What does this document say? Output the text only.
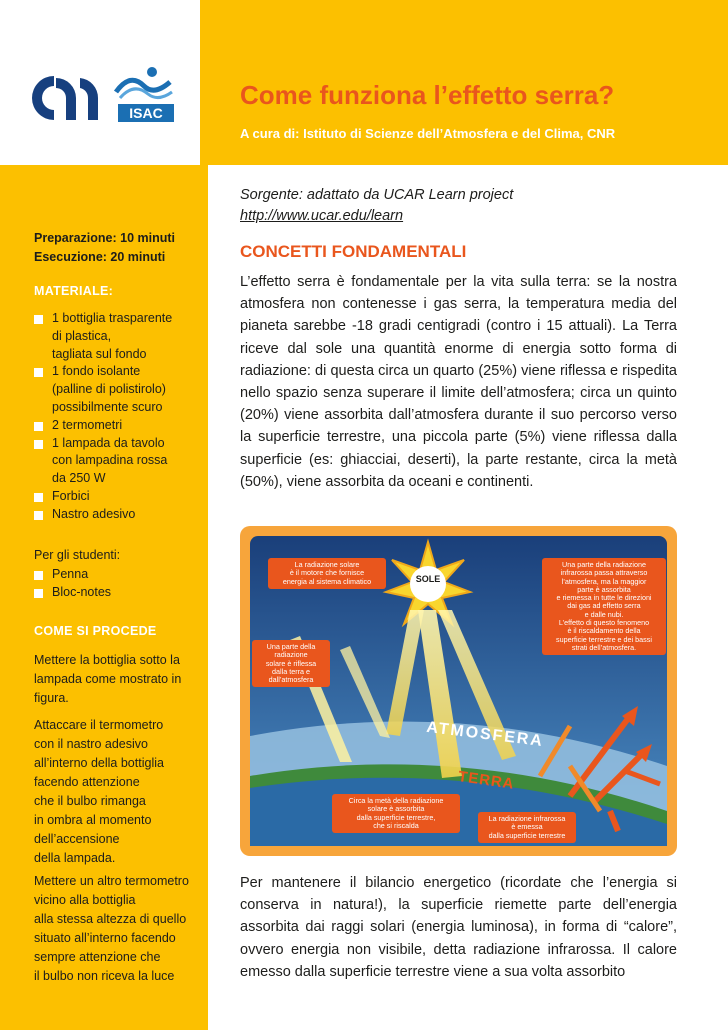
ISAC
Come funziona l’effetto serra?
A cura di: Istituto di Scienze dell’Atmosfera e del Clima, CNR
Sorgente: adattato da UCAR Learn project
http://www.ucar.edu/learn
Preparazione: 10 minuti
Esecuzione: 20 minuti
MATERIALE:
1 bottiglia trasparente
di plastica,
tagliata sul fondo
1 fondo isolante
(palline di polistirolo)
possibilmente scuro
2 termometri
1 lampada da tavolo
con lampadina rossa
da 250 W
Forbici
Nastro adesivo
Per gli studenti:
Penna
Bloc-notes
COME SI PROCEDE
Mettere la bottiglia sotto la
lampada come mostrato in
figura.
Attaccare il termometro
con il nastro adesivo
all’interno della bottiglia
facendo attenzione
che il bulbo rimanga
in ombra al momento
dell’accensione
della lampada.
Mettere un altro termometro
vicino alla bottiglia
alla stessa altezza di quello
situato all’interno facendo
sempre attenzione che
il bulbo non riceva la luce
CONCETTI FONDAMENTALI
L’effetto serra è fondamentale per la vita sulla terra: se la nostra atmosfera non contenesse i gas serra, la temperatura media del pianeta sarebbe -18 gradi centigradi (contro i 15 attuali). La Terra riceve dal sole una quantità enorme di energia sotto forma di radiazione: di questa circa un quarto (25%) viene riflessa e rispedita nello spazio senza superare il limite dell’atmosfera; circa un quinto (20%) viene assorbita dall’atmosfera durante il suo percorso verso la superficie terrestre, una piccola parte (5%) viene riflessa dalla superficie (es: ghiacciai, deserti), la parte restante, circa la metà (50%), viene assorbita da oceani e continenti.
SOLE
ATMOSFERA
TERRA
La radiazione solare
è il motore che fornisce
energia al sistema climatico
Una parte della
radiazione
solare è riflessa
dalla terra e
dall’atmosfera
Una parte della radiazione
infrarossa passa attraverso
l’atmosfera, ma la maggior
parte è assorbita
e riemessa in tutte le direzioni
dai gas ad effetto serra
e dalle nubi.
L’effetto di questo fenomeno
è il riscaldamento della
superficie terrestre e dei bassi
strati dell’atmosfera.
Circa la metà della radiazione
solare è assorbita
dalla superficie terrestre,
che si riscalda
La radiazione infrarossa
è emessa
dalla superficie terrestre
Per mantenere il bilancio energetico (ricordate che l’energia si conserva in natura!), la superficie riemette parte dell’energia assorbita dai raggi solari (energia luminosa), in forma di “calore”, ovvero energia non visibile, detta radiazione infrarossa. Il calore emesso dalla superficie terrestre viene a sua volta assorbito
